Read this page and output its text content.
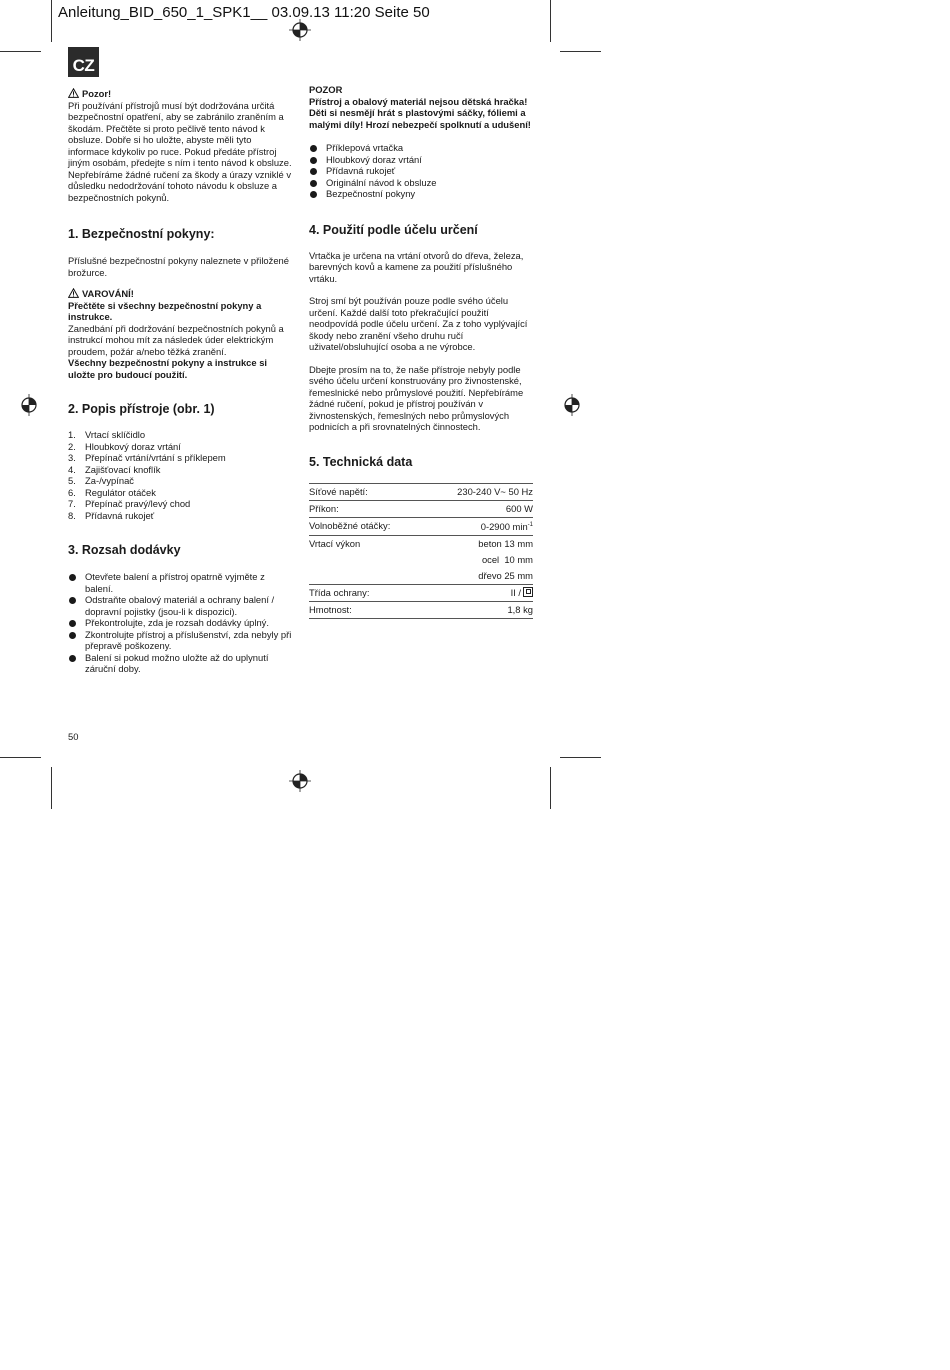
Anleitung_BID_650_1_SPK1__ 03.09.13 11:20 Seite 50
CZ

Pozor!

Při používání přístrojů musí být dodržována určitá bezpečnostní opatření, aby se zabránilo zraněním a škodám. Přečtěte si proto pečlivě tento návod k obsluze. Dobře si ho uložte, abyste měli tyto informace kdykoliv po ruce. Pokud předáte přístroj jiným osobám, předejte s ním i tento návod k obsluze.

Nepřebíráme žádné ručení za škody a úrazy vzniklé v důsledku nedodržování tohoto návodu k obsluze a bezpečnostních pokynů.

1. Bezpečnostní pokyny:

Příslušné bezpečnostní pokyny naleznete v přiložené brožurce.

VAROVÁNÍ!

Přečtěte si všechny bezpečnostní pokyny a instrukce.

Zanedbání při dodržování bezpečnostních pokynů a instrukcí mohou mít za následek úder elektrickým proudem, požár a/nebo těžká zranění.

Všechny bezpečnostní pokyny a instrukce si uložte pro budoucí použití.

2. Popis přístroje (obr. 1)
1. Vrtací sklíčidlo
2. Hloubkový doraz vrtání
3. Přepínač vrtání/vrtání s příklepem
4. Zajišťovací knoflík
5. Za-/vypínač
6. Regulátor otáček
7. Přepínač pravý/levý chod
8. Přídavná rukojeť
3. Rozsah dodávky
Otevřete balení a přístroj opatrně vyjměte z balení.
Odstraňte obalový materiál a ochrany balení / dopravní pojistky (jsou-li k dispozici).
Překontrolujte, zda je rozsah dodávky úplný.
Zkontrolujte přístroj a příslušenství, zda nebyly při přepravě poškozeny.
Balení si pokud možno uložte až do uplynutí záruční doby.

POZOR

Přístroj a obalový materiál nejsou dětská hračka! Děti si nesmějí hrát s plastovými sáčky, fóliemi a malými díly! Hrozí nebezpečí spolknutí a udušení!

Příklepová vrtačka
Hloubkový doraz vrtání
Přídavná rukojeť
Originální návod k obsluze
Bezpečnostní pokyny
4. Použití podle účelu určení

Vrtačka je určena na vrtání otvorů do dřeva, železa, barevných kovů a kamene za použití příslušného vrtáku.

Stroj smí být používán pouze podle svého účelu určení. Každé další toto překračující použití neodpovídá podle účelu určení. Za z toho vyplývající škody nebo zranění všeho druhu ručí uživatel/obsluhující osoba a ne výrobce.

Dbejte prosím na to, že naše přístroje nebyly podle svého účelu určení konstruovány pro živnostenské, řemeslnické nebo průmyslové použití. Nepřebíráme žádné ručení, pokud je přístroj používán v živnostenských, řemeslných nebo průmyslových podnicích a při srovnatelných činnostech.

5. Technická data
Síťové napětí:	230-240 V~ 50 Hz
Příkon:	600 W
Volnoběžné otáčky:	0-2900 $\min^{-1}$
Vrtací výkon	beton 13 mm
	ocel  10 mm
	dřevo 25 mm
Třída ochrany:	II /
Hmotnost:	1,8 kg
50
